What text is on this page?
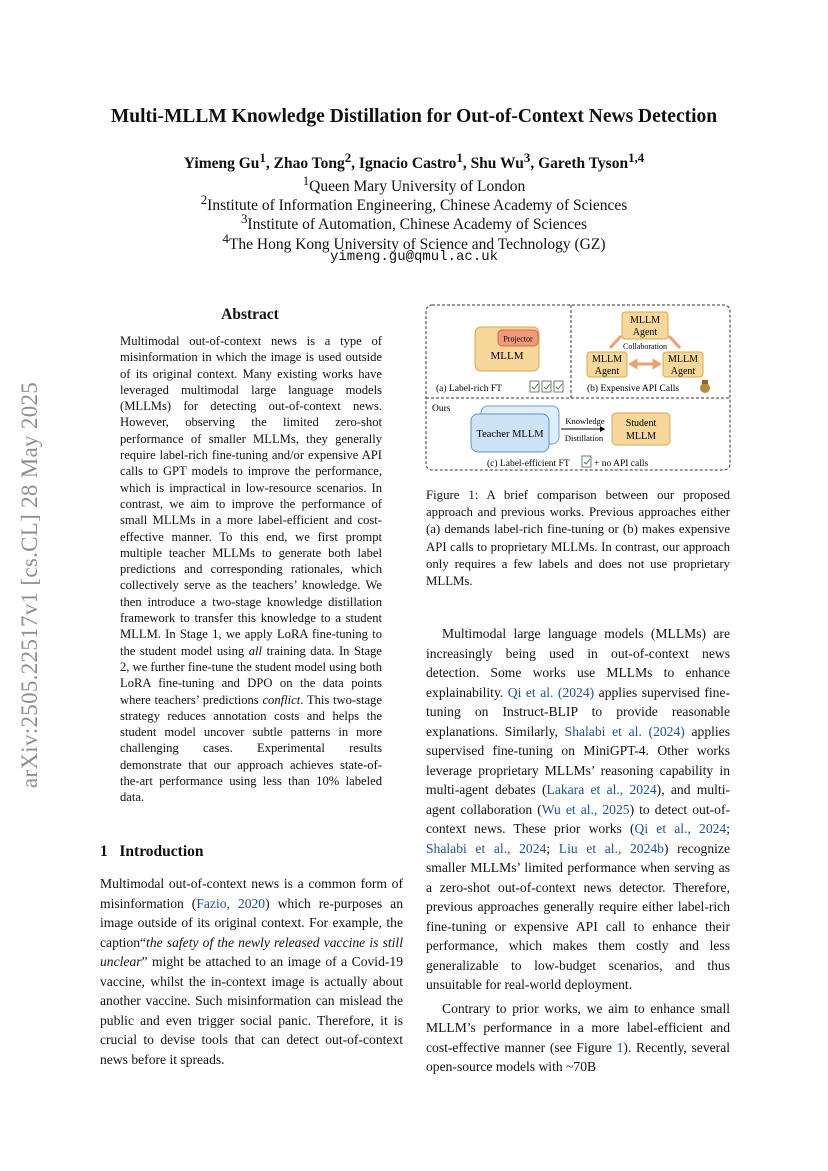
arXiv:2505.22517v1 [cs.CL] 28 May 2025
Multi-MLLM Knowledge Distillation for Out-of-Context News Detection
Yimeng Gu$^1$, Zhao Tong$^2$, Ignacio Castro$^1$, Shu Wu$^3$, Gareth Tyson$^{1,4}$
$^1$Queen Mary University of London
$^2$Institute of Information Engineering, Chinese Academy of Sciences
$^3$Institute of Automation, Chinese Academy of Sciences
$^4$The Hong Kong University of Science and Technology (GZ)
yimeng.gu@qmul.ac.uk
Abstract
Multimodal out-of-context news is a type of misinformation in which the image is used outside of its original context. Many existing works have leveraged multimodal large language models (MLLMs) for detecting out-of-context news. However, observing the limited zero-shot performance of smaller MLLMs, they generally require label-rich fine-tuning and/or expensive API calls to GPT models to improve the performance, which is impractical in low-resource scenarios. In contrast, we aim to improve the performance of small MLLMs in a more label-efficient and cost-effective manner. To this end, we first prompt multiple teacher MLLMs to generate both label predictions and corresponding rationales, which collectively serve as the teachers’ knowledge. We then introduce a two-stage knowledge distillation framework to transfer this knowledge to a student MLLM. In Stage 1, we apply LoRA fine-tuning to the student model using all training data. In Stage 2, we further fine-tune the student model using both LoRA fine-tuning and DPO on the data points where teachers’ predictions conflict. This two-stage strategy reduces annotation costs and helps the student model uncover subtle patterns in more challenging cases. Experimental results demonstrate that our approach achieves state-of-the-art performance using less than 10% labeled data.
1 Introduction

Multimodal out-of-context news is a common form of misinformation (Fazio, 2020) which re-purposes an image outside of its original context. For example, the caption“the safety of the newly released vaccine is still unclear” might be attached to an image of a Covid-19 vaccine, whilst the in-context image is actually about another vaccine. Such misinformation can mislead the public and even trigger social panic. Therefore, it is crucial to devise tools that can detect out-of-context news before it spreads.

Projector
MLLM
(a) Label-rich FT
MLLM
Agent
Collaboration
MLLM
Agent
MLLM
Agent
(b) Expensive API Calls
Ours
Teacher MLLM
Knowledge
Distillation
Student
MLLM
(c) Label-efficient FT	+ no API calls
Figure 1: A brief comparison between our proposed approach and previous works. Previous approaches either (a) demands label-rich fine-tuning or (b) makes expensive API calls to proprietary MLLMs. In contrast, our approach only requires a few labels and does not use proprietary MLLMs.

Multimodal large language models (MLLMs) are increasingly being used in out-of-context news detection. Some works use MLLMs to enhance explainability. Qi et al. (2024) applies supervised fine-tuning on Instruct-BLIP to provide reasonable explanations. Similarly, Shalabi et al. (2024) applies supervised fine-tuning on MiniGPT-4. Other works leverage proprietary MLLMs’ reasoning capability in multi-agent debates (Lakara et al., 2024), and multi-agent collaboration (Wu et al., 2025) to detect out-of-context news. These prior works (Qi et al., 2024; Shalabi et al., 2024; Liu et al., 2024b) recognize smaller MLLMs’ limited performance when serving as a zero-shot out-of-context news detector. Therefore, previous approaches generally require either label-rich fine-tuning or expensive API call to enhance their performance, which makes them costly and less generalizable to low-budget scenarios, and thus unsuitable for real-world deployment.

Contrary to prior works, we aim to enhance small MLLM’s performance in a more label-efficient and cost-effective manner (see Figure 1). Recently, several open-source models with ~70B
